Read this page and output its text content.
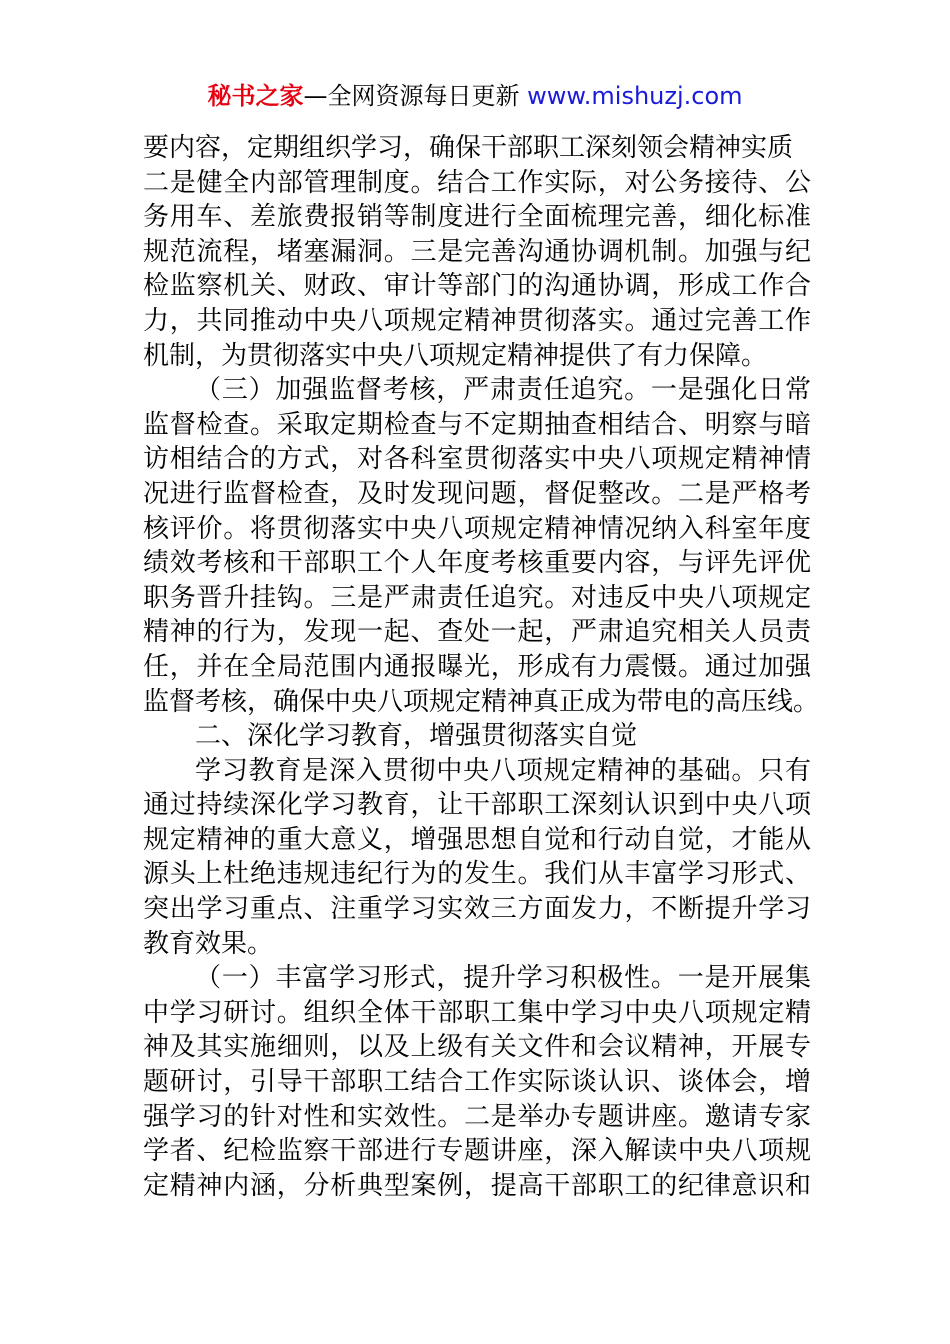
秘书之家—全网资源每日更新 www.mishuzj.com
要内容，定期组织学习，确保干部职工深刻领会精神实质
二是健全内部管理制度。结合工作实际，对公务接待、公
务用车、差旅费报销等制度进行全面梳理完善，细化标准
规范流程，堵塞漏洞。三是完善沟通协调机制。加强与纪
检监察机关、财政、审计等部门的沟通协调，形成工作合
力，共同推动中央八项规定精神贯彻落实。通过完善工作
机制，为贯彻落实中央八项规定精神提供了有力保障。
（三）加强监督考核，严肃责任追究。一是强化日常
监督检查。采取定期检查与不定期抽查相结合、明察与暗
访相结合的方式，对各科室贯彻落实中央八项规定精神情
况进行监督检查，及时发现问题，督促整改。二是严格考
核评价。将贯彻落实中央八项规定精神情况纳入科室年度
绩效考核和干部职工个人年度考核重要内容，与评先评优
职务晋升挂钩。三是严肃责任追究。对违反中央八项规定
精神的行为，发现一起、查处一起，严肃追究相关人员责
任，并在全局范围内通报曝光，形成有力震慑。通过加强
监督考核，确保中央八项规定精神真正成为带电的高压线。
二、深化学习教育，增强贯彻落实自觉
学习教育是深入贯彻中央八项规定精神的基础。只有
通过持续深化学习教育，让干部职工深刻认识到中央八项
规定精神的重大意义，增强思想自觉和行动自觉，才能从
源头上杜绝违规违纪行为的发生。我们从丰富学习形式、
突出学习重点、注重学习实效三方面发力，不断提升学习
教育效果。
（一）丰富学习形式，提升学习积极性。一是开展集
中学习研讨。组织全体干部职工集中学习中央八项规定精
神及其实施细则，以及上级有关文件和会议精神，开展专
题研讨，引导干部职工结合工作实际谈认识、谈体会，增
强学习的针对性和实效性。二是举办专题讲座。邀请专家
学者、纪检监察干部进行专题讲座，深入解读中央八项规
定精神内涵，分析典型案例，提高干部职工的纪律意识和
